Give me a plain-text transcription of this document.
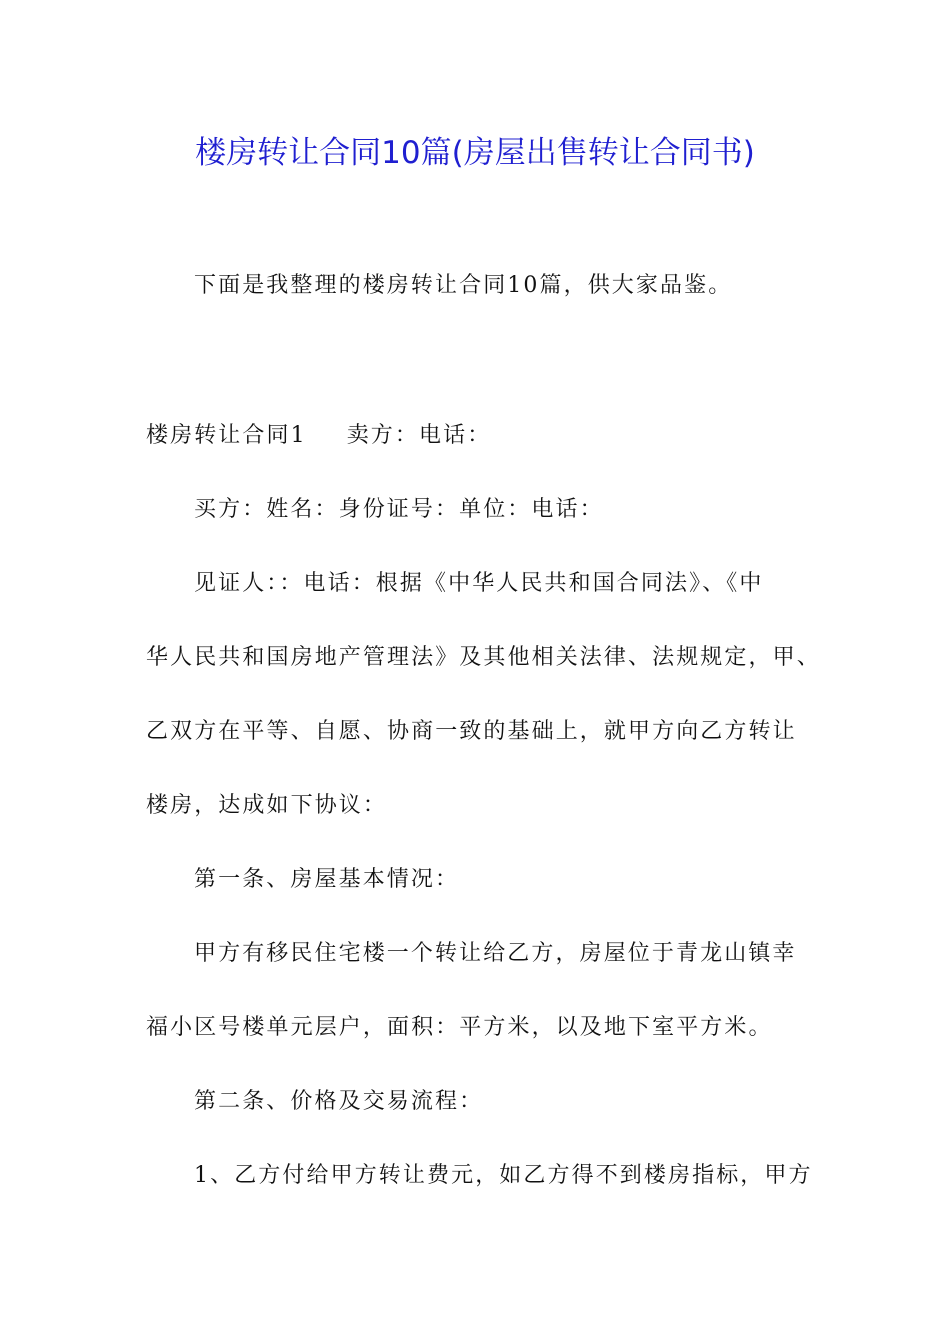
楼房转让合同10篇(房屋出售转让合同书)
下面是我整理的楼房转让合同10篇，供大家品鉴。
楼房转让合同1 卖方：电话：
买方：姓名：身份证号：单位：电话：
见证人：：电话：根据《中华人民共和国合同法》、《中
华人民共和国房地产管理法》及其他相关法律、法规规定，甲、
乙双方在平等、自愿、协商一致的基础上，就甲方向乙方转让
楼房，达成如下协议：
第一条、房屋基本情况：
甲方有移民住宅楼一个转让给乙方，房屋位于青龙山镇幸
福小区号楼单元层户，面积：平方米，以及地下室平方米。
第二条、价格及交易流程：
1、乙方付给甲方转让费元，如乙方得不到楼房指标，甲方
